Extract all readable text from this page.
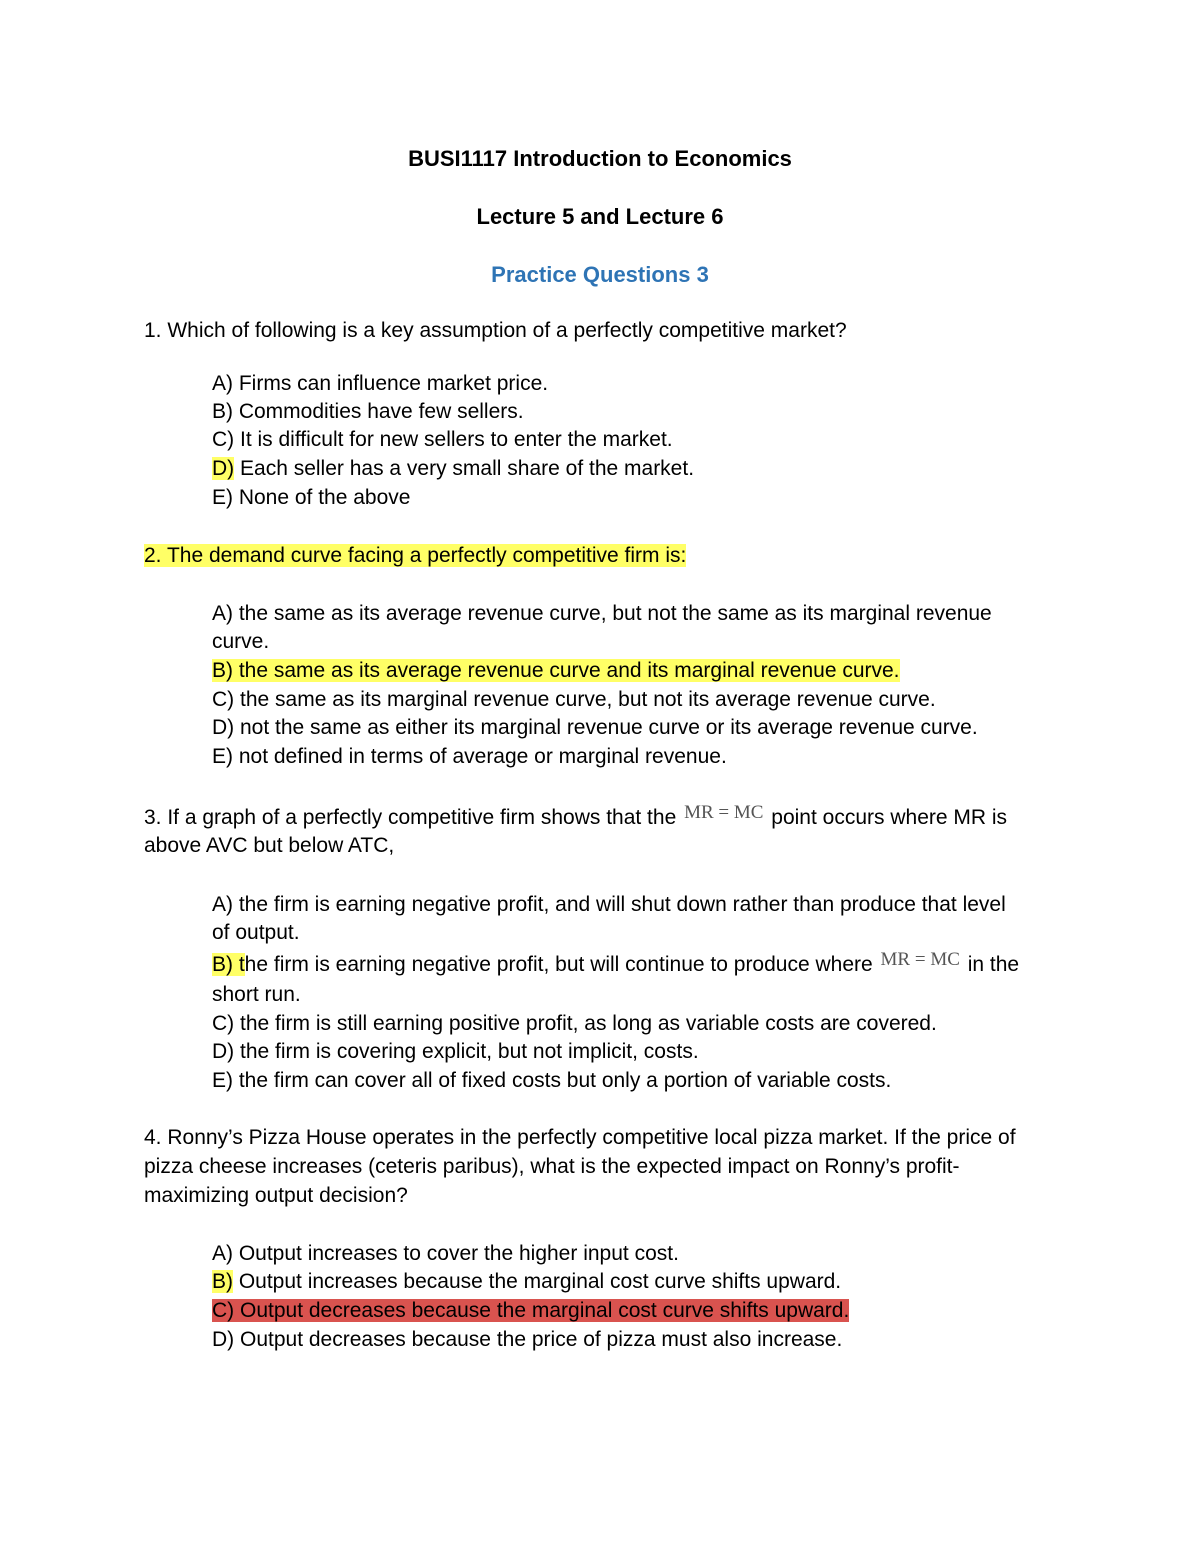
BUSI1117 Introduction to Economics
Lecture 5 and Lecture 6
Practice Questions 3
1. Which of following is a key assumption of a perfectly competitive market?
A) Firms can influence market price.
B) Commodities have few sellers.
C) It is difficult for new sellers to enter the market.
D) Each seller has a very small share of the market.
E) None of the above
2. The demand curve facing a perfectly competitive firm is:
A) the same as its average revenue curve, but not the same as its marginal revenue
curve.
B) the same as its average revenue curve and its marginal revenue curve.
C) the same as its marginal revenue curve, but not its average revenue curve.
D) not the same as either its marginal revenue curve or its average revenue curve.
E) not defined in terms of average or marginal revenue.
3. If a graph of a perfectly competitive firm shows that the MR = MC point occurs where MR is
above AVC but below ATC,
A) the firm is earning negative profit, and will shut down rather than produce that level
of output.
B) the firm is earning negative profit, but will continue to produce where MR = MC in the
short run.
C) the firm is still earning positive profit, as long as variable costs are covered.
D) the firm is covering explicit, but not implicit, costs.
E) the firm can cover all of fixed costs but only a portion of variable costs.
4. Ronny’s Pizza House operates in the perfectly competitive local pizza market. If the price of
pizza cheese increases (ceteris paribus), what is the expected impact on Ronny’s profit-
maximizing output decision?
A) Output increases to cover the higher input cost.
B) Output increases because the marginal cost curve shifts upward.
C) Output decreases because the marginal cost curve shifts upward.
D) Output decreases because the price of pizza must also increase.
